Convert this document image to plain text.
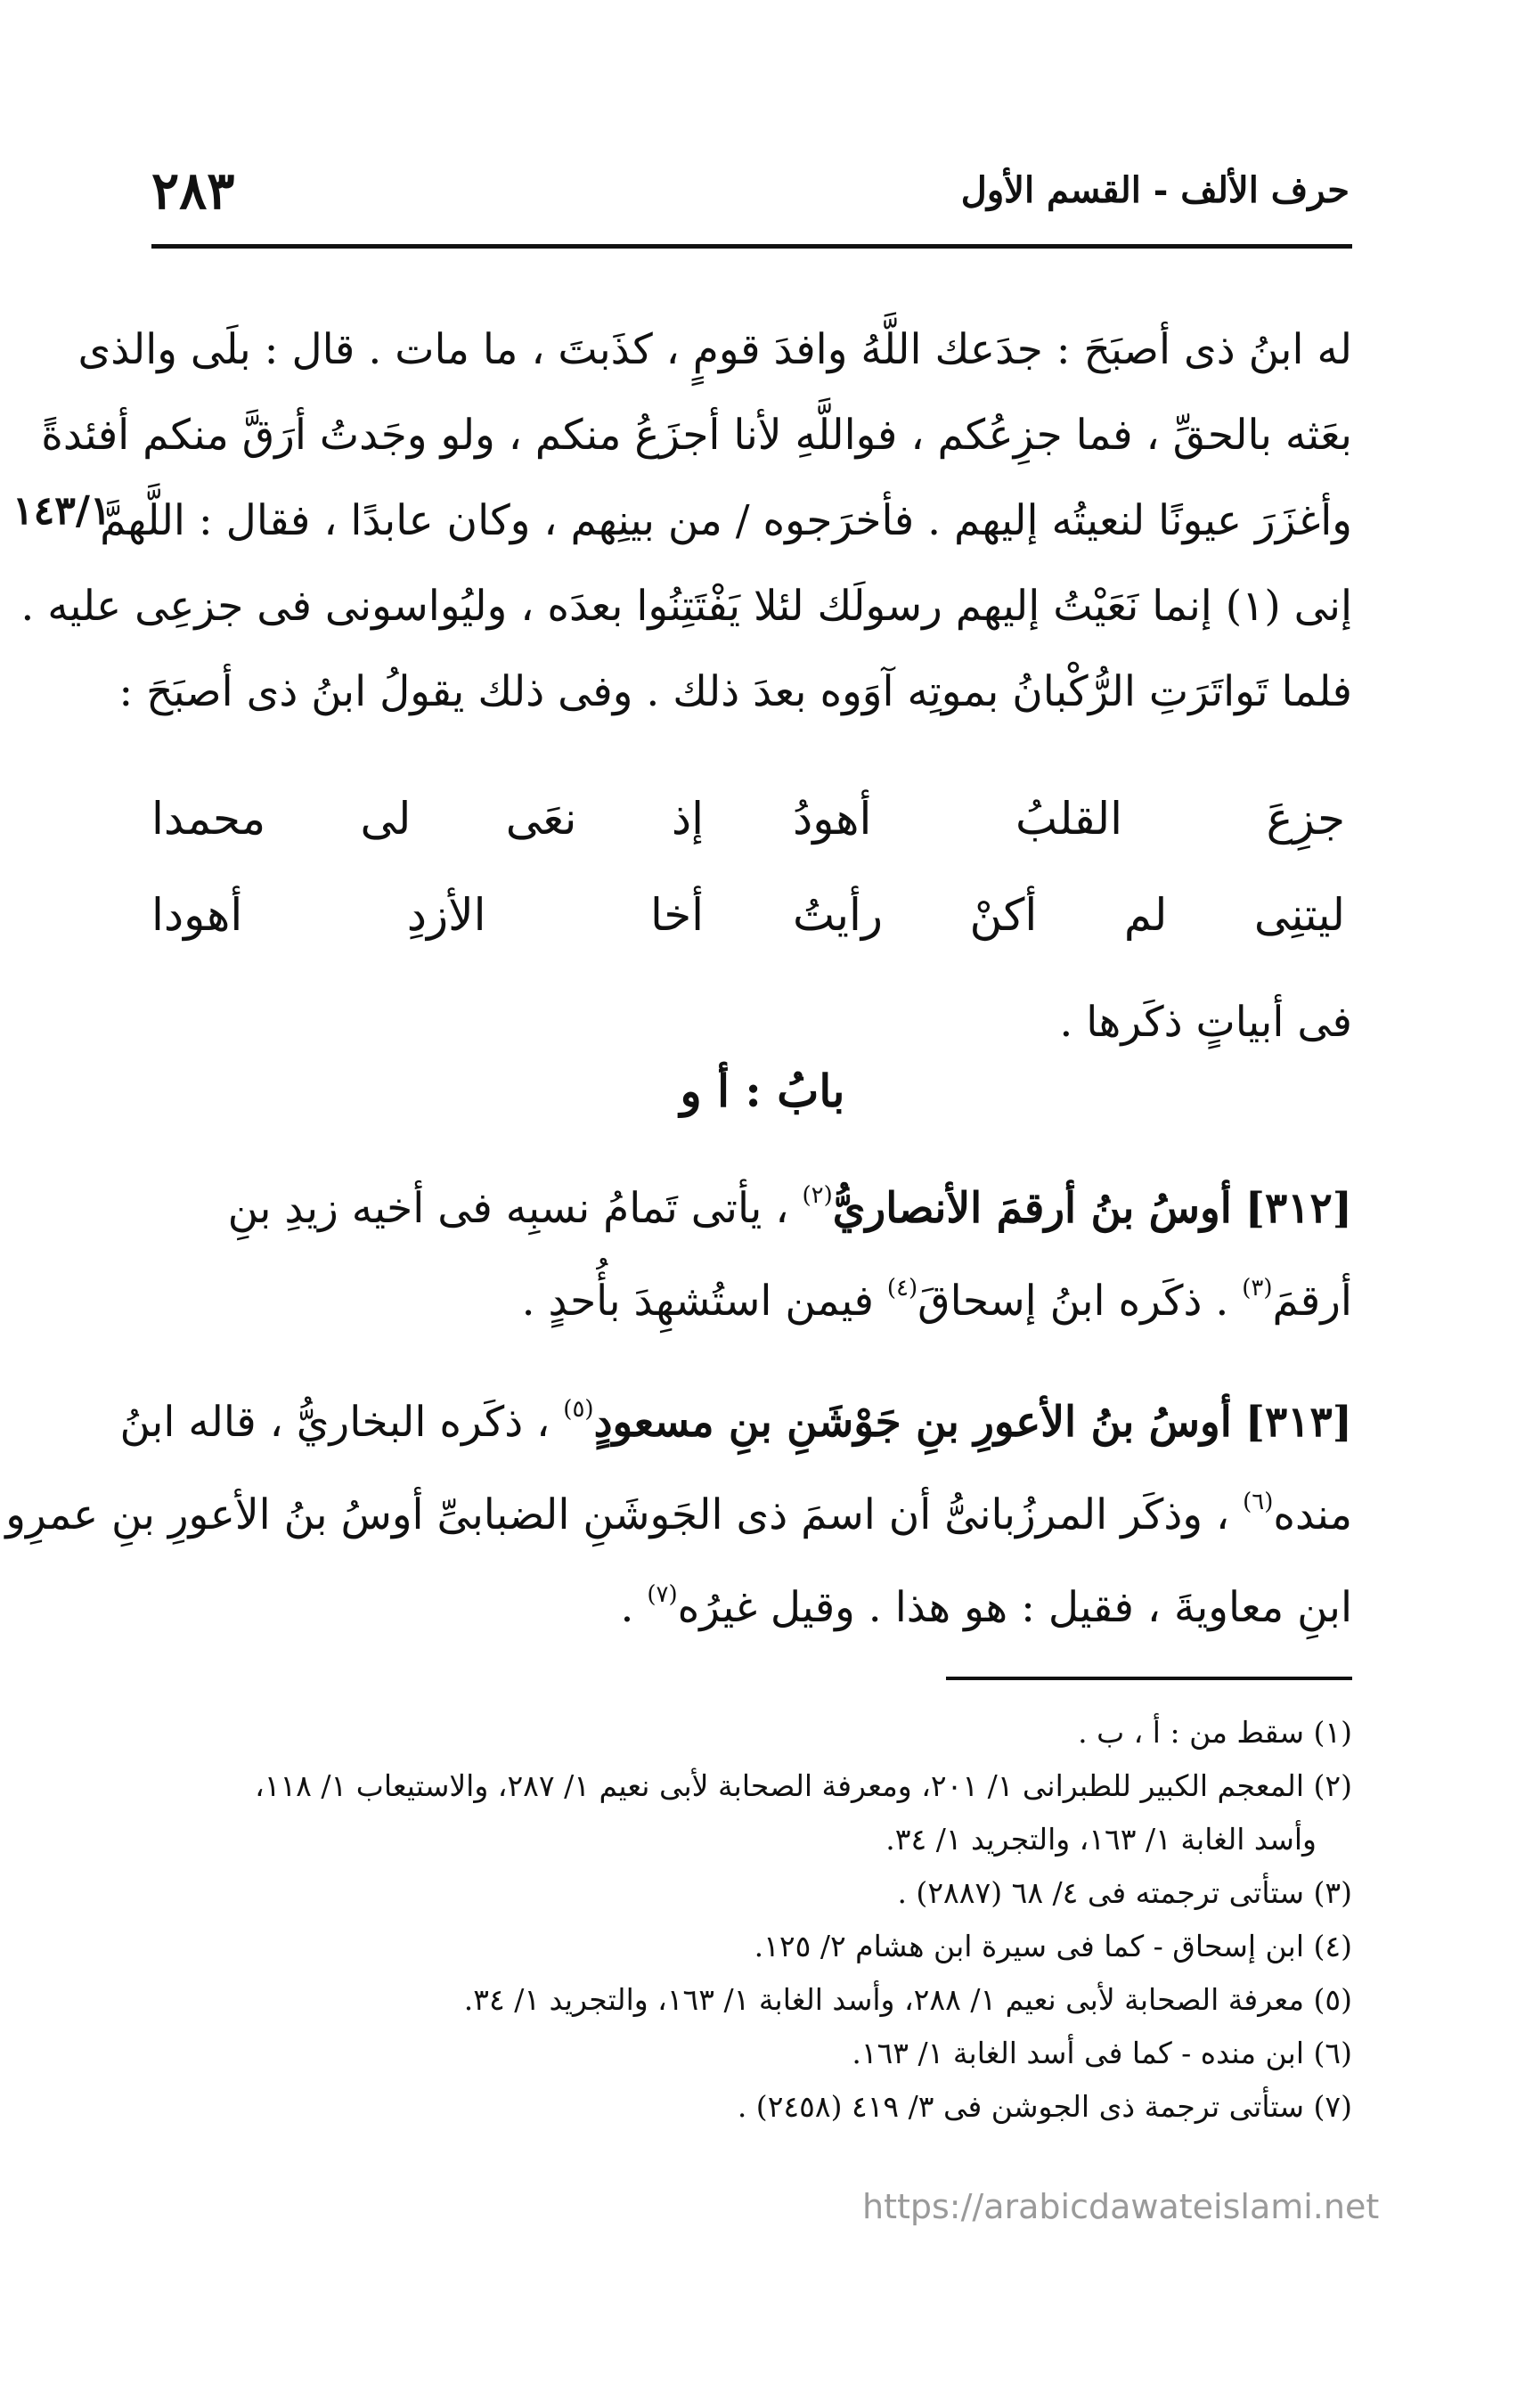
٢٨٣	حرف الألف - القسم الأول
١٤٣/١
له ابنُ ذى أصبَحَ : جدَعك اللَّهُ وافدَ قومٍ ، كذَبتَ ، ما مات . قال : بلَى والذى
بعَثه بالحقِّ ، فما جزِعُكم ، فواللَّهِ لأنا أجزَعُ منكم ، ولو وجَدتُ أرَقَّ منكم أفئدةً
وأغزَرَ عيونًا لنعيتُه إليهم . فأخرَجوه / من بينِهم ، وكان عابدًا ، فقال : اللَّهمَّ
إنى (١) إنما نَعَيْتُ إليهم رسولَك لئلا يَفْتَتِنُوا بعدَه ، وليُواسونى فى جزعِى عليه .
فلما تَواتَرَتِ الرُّكْبانُ بموتِه آوَوه بعدَ ذلك . وفى ذلك يقولُ ابنُ ذى أصبَحَ :
جزِعَ القلبُ أهودُ
إذ نعَى لى محمدا
ليتنِى لم أكنْ رأيتُ
أخا الأزدِ أهودا
فى أبياتٍ ذكَرها .
بابُ : أ و
[٣١٢] أوسُ بنُ أرقمَ الأنصاريُّ$^{(٢)}$ ، يأتى تَمامُ نسبِه فى أخيه زيدِ بنِ
أرقمَ$^{(٣)}$ . ذكَره ابنُ إسحاقَ$^{(٤)}$ فيمن استُشهِدَ بأُحدٍ .
[٣١٣] أوسُ بنُ الأعورِ بنِ جَوْشَنِ بنِ مسعودٍ$^{(٥)}$ ، ذكَره البخاريُّ ، قاله ابنُ
منده$^{(٦)}$ ، وذكَر المرزُبانىُّ أن اسمَ ذى الجَوشَنِ الضبابىِّ أوسُ بنُ الأعورِ بنِ عمرِو
ابنِ معاويةَ ، فقيل : هو هذا . وقيل غيرُه$^{(٧)}$ .
(١) سقط من : أ ، ب .
(٢) المعجم الكبير للطبرانى ١/ ٢٠١، ومعرفة الصحابة لأبى نعيم ١/ ٢٨٧، والاستيعاب ١/ ١١٨،
وأسد الغابة ١/ ١٦٣، والتجريد ١/ ٣٤.
(٣) ستأتى ترجمته فى ٤/ ٦٨ (٢٨٨٧) .
(٤) ابن إسحاق - كما فى سيرة ابن هشام ٢/ ١٢٥.
(٥) معرفة الصحابة لأبى نعيم ١/ ٢٨٨، وأسد الغابة ١/ ١٦٣، والتجريد ١/ ٣٤.
(٦) ابن منده - كما فى أسد الغابة ١/ ١٦٣.
(٧) ستأتى ترجمة ذى الجوشن فى ٣/ ٤١٩ (٢٤٥٨) .
https://arabicdawateislami.net
